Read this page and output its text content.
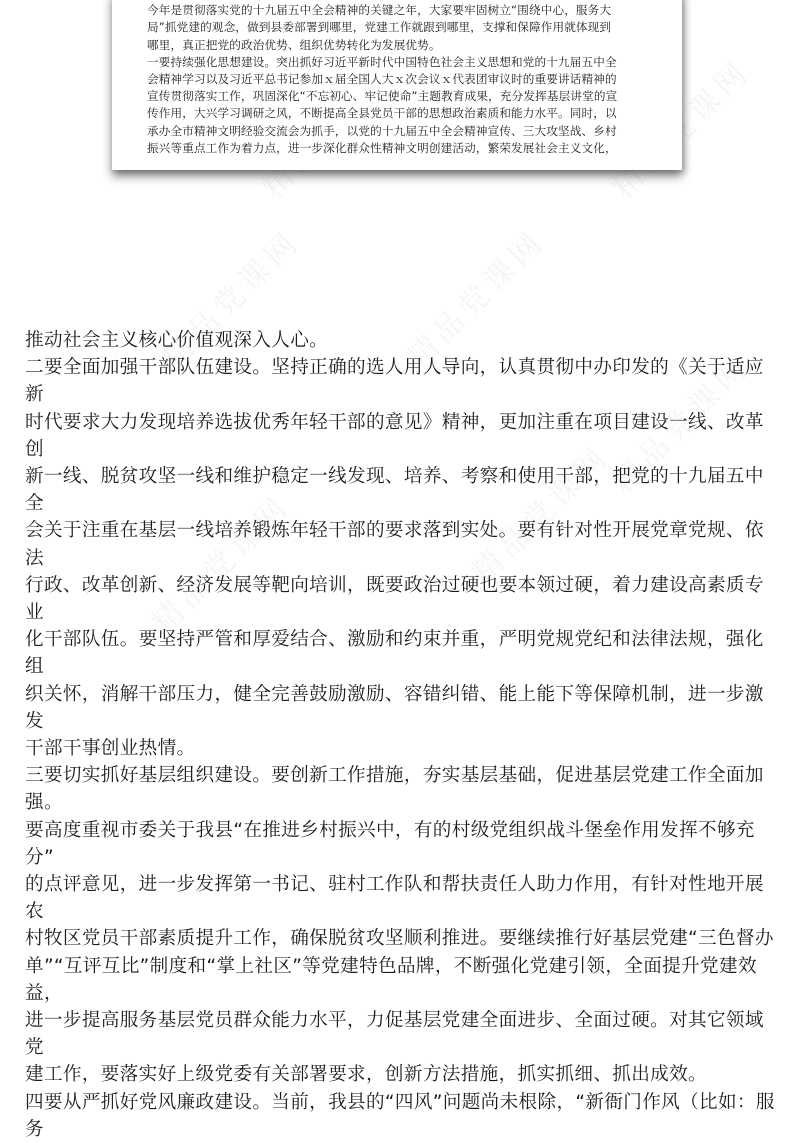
今年是贯彻落实党的十九届五中全会精神的关键之年，大家要牢固树立“围绕中心，服务大

局”抓党建的观念，做到县委部署到哪里，党建工作就跟到哪里，支撑和保障作用就体现到

哪里，真正把党的政治优势、组织优势转化为发展优势。

一要持续强化思想建设。突出抓好习近平新时代中国特色社会主义思想和党的十九届五中全

会精神学习以及习近平总书记参加ｘ届全国人大ｘ次会议ｘ代表团审议时的重要讲话精神的

宣传贯彻落实工作，巩固深化“不忘初心、牢记使命”主题教育成果，充分发挥基层讲堂的宣

传作用，大兴学习调研之风，不断提高全县党员干部的思想政治素质和能力水平。同时，以

承办全市精神文明经验交流会为抓手，以党的十九届五中全会精神宣传、三大攻坚战、乡村

振兴等重点工作为着力点，进一步深化群众性精神文明创建活动，繁荣发展社会主义文化，

推动社会主义核心价值观深入人心。

二要全面加强干部队伍建设。坚持正确的选人用人导向，认真贯彻中办印发的《关于适应新

时代要求大力发现培养选拔优秀年轻干部的意见》精神，更加注重在项目建设一线、改革创

新一线、脱贫攻坚一线和维护稳定一线发现、培养、考察和使用干部，把党的十九届五中全

会关于注重在基层一线培养锻炼年轻干部的要求落到实处。要有针对性开展党章党规、依法

行政、改革创新、经济发展等靶向培训，既要政治过硬也要本领过硬，着力建设高素质专业

化干部队伍。要坚持严管和厚爱结合、激励和约束并重，严明党规党纪和法律法规，强化组

织关怀，消解干部压力，健全完善鼓励激励、容错纠错、能上能下等保障机制，进一步激发

干部干事创业热情。

三要切实抓好基层组织建设。要创新工作措施，夯实基层基础，促进基层党建工作全面加强。

要高度重视市委关于我县“在推进乡村振兴中，有的村级党组织战斗堡垒作用发挥不够充分”

的点评意见，进一步发挥第一书记、驻村工作队和帮扶责任人助力作用，有针对性地开展农

村牧区党员干部素质提升工作，确保脱贫攻坚顺利推进。要继续推行好基层党建“三色督办

单”“互评互比”制度和“掌上社区”等党建特色品牌，不断强化党建引领，全面提升党建效益，

进一步提高服务基层党员群众能力水平，力促基层党建全面进步、全面过硬。对其它领域党

建工作，要落实好上级党委有关部署要求，创新方法措施，抓实抓细、抓出成效。

四要从严抓好党风廉政建设。当前，我县的“四风”问题尚未根除，“新衙门作风（比如：服务
